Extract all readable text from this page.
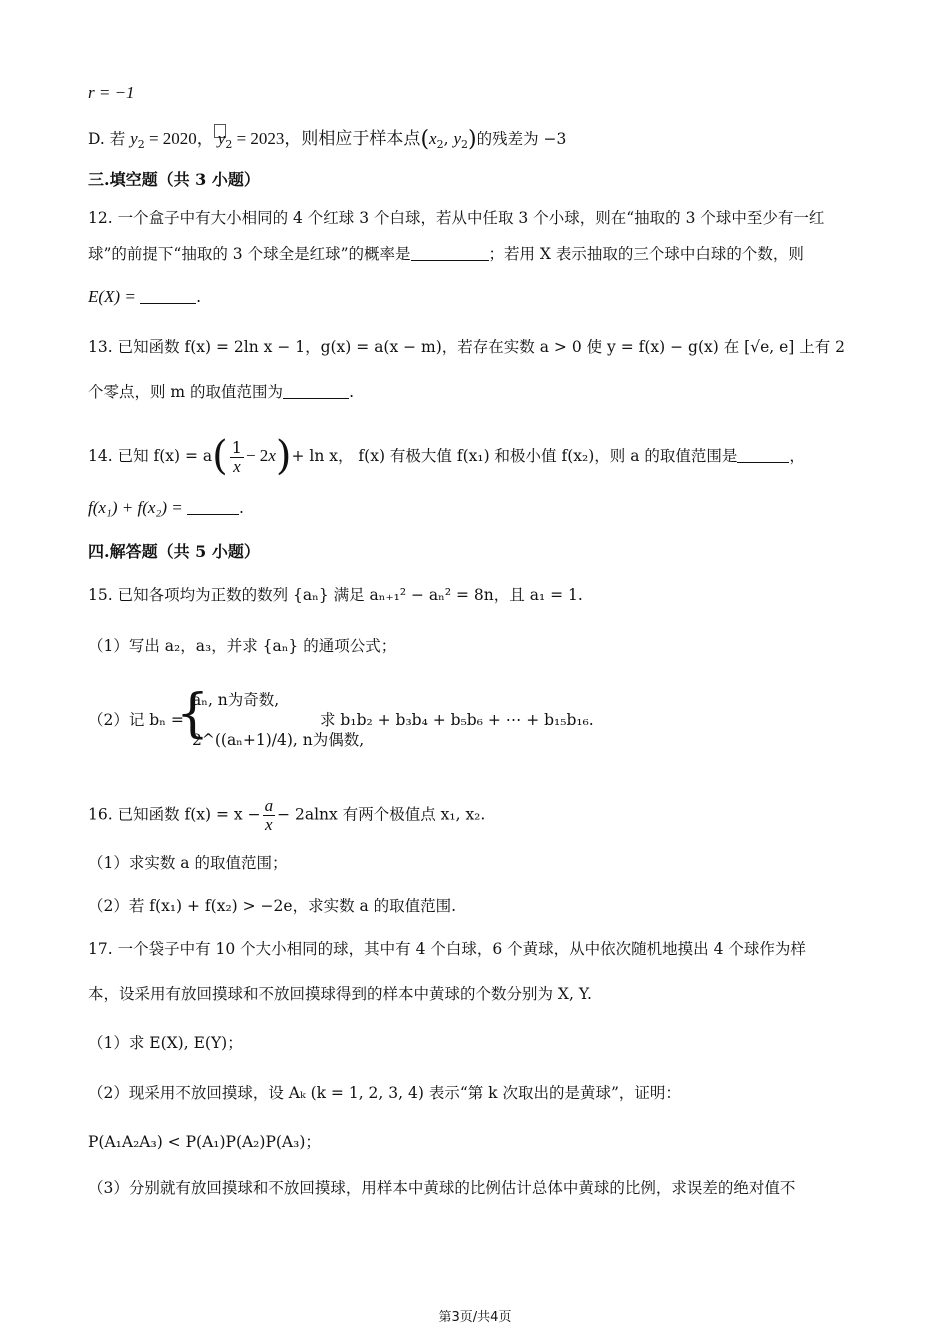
r = −1
D. 若 $y_2 = 2020$， $y_2 = 2023$，则相应于样本点($x_2$, $y_2$)的残差为 −3
三.填空题（共 3 小题）
12. 一个盒子中有大小相同的 4 个红球 3 个白球，若从中任取 3 个小球，则在“抽取的 3 个球中至少有一红
球”的前提下“抽取的 3 个球全是红球”的概率是	；若用 X 表示抽取的三个球中白球的个数，则
E(X) =	.
13. 已知函数 f(x) = 2ln x − 1，g(x) = a(x − m)，若存在实数 a > 0 使 y = f(x) − g(x) 在 [√e, e] 上有 2
个零点，则 m 的取值范围为	.
14. 已知 $f(x) = a( \frac{1}{x} - 2x)+ \ln x$， f(x) 有极大值 f(x₁) 和极小值 f(x₂)，则 a 的取值范围是	，
f(x₁) + f(x₂) =	.
四.解答题（共 5 小题）
15. 已知各项均为正数的数列 {aₙ} 满足 aₙ₊₁² − aₙ² = 8n，且 a₁ = 1.
（1）写出 a₂，a₃，并求 {aₙ} 的通项公式；
（2）记 bₙ =
{
aₙ, n为奇数,
2^((aₙ+1)/4), n为偶数,
求 b₁b₂ + b₃b₄ + b₅b₆ + ⋯ + b₁₅b₁₆.
16. 已知函数 $f(x) = x - \frac{a}{x} - 2alnx$ 有两个极值点 x₁, x₂.
（1）求实数 a 的取值范围；
（2）若 f(x₁) + f(x₂) > −2e，求实数 a 的取值范围.
17. 一个袋子中有 10 个大小相同的球，其中有 4 个白球，6 个黄球，从中依次随机地摸出 4 个球作为样
本，设采用有放回摸球和不放回摸球得到的样本中黄球的个数分别为 X, Y.
（1）求 E(X), E(Y)；
（2）现采用不放回摸球，设 Aₖ (k = 1, 2, 3, 4) 表示“第 k 次取出的是黄球”，证明：
P(A₁A₂A₃) < P(A₁)P(A₂)P(A₃)；
（3）分别就有放回摸球和不放回摸球，用样本中黄球的比例估计总体中黄球的比例，求误差的绝对值不
第3页/共4页
